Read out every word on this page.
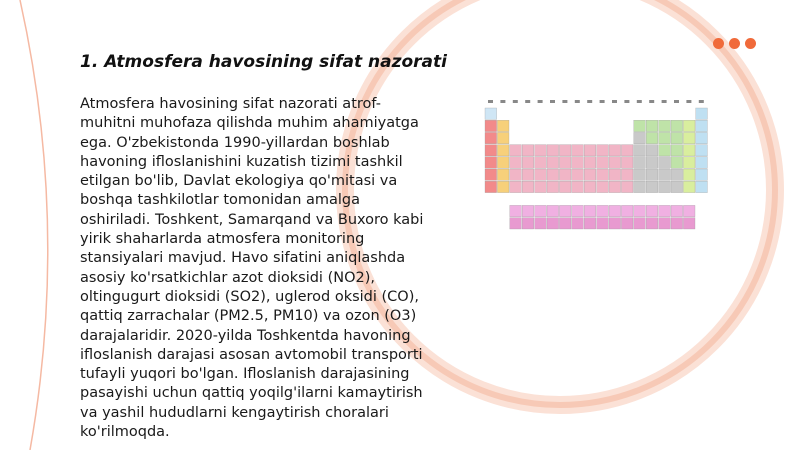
1. Atmosfera havosining sifat nazorati

Atmosfera havosining sifat nazorati atrof-muhitni muhofaza qilishda muhim ahamiyatga ega. O'zbekistonda 1990-yillardan boshlab havoning ifloslanishini kuzatish tizimi tashkil etilgan bo'lib, Davlat ekologiya qo'mitasi va boshqa tashkilotlar tomonidan amalga oshiriladi. Toshkent, Samarqand va Buxoro kabi yirik shaharlarda atmosfera monitoring stansiyalari mavjud. Havo sifatini aniqlashda asosiy ko'rsatkichlar azot dioksidi (NO2), oltingugurt dioksidi (SO2), uglerod oksidi (CO), qattiq zarrachalar (PM2.5, PM10) va ozon (O3) darajalaridir. 2020-yilda Toshkentda havoning ifloslanish darajasi asosan avtomobil transporti tufayli yuqori bo'lgan. Ifloslanish darajasining pasayishi uchun qattiq yoqilg'ilarni kamaytirish va yashil hududlarni kengaytirish choralari ko'rilmoqda.
